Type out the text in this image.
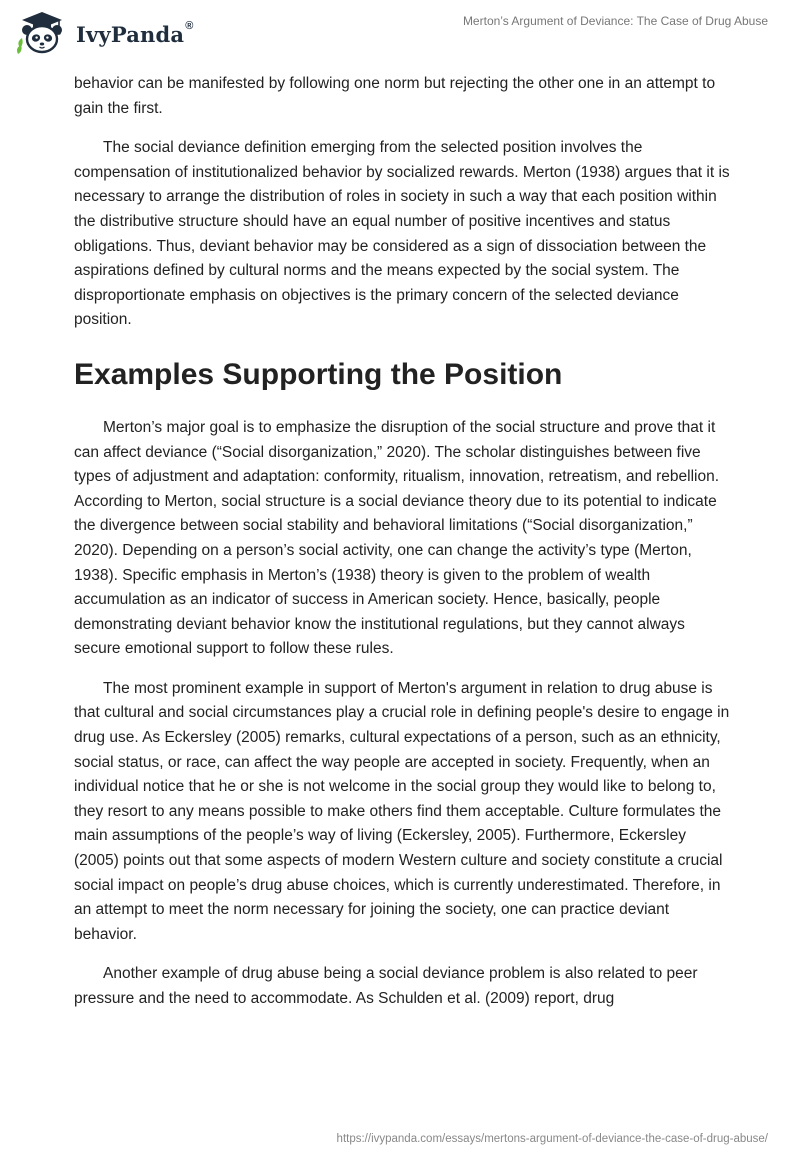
IvyPanda®	Merton’s Argument of Deviance: The Case of Drug Abuse

behavior can be manifested by following one norm but rejecting the other one in an attempt to gain the first.

The social deviance definition emerging from the selected position involves the compensation of institutionalized behavior by socialized rewards. Merton (1938) argues that it is necessary to arrange the distribution of roles in society in such a way that each position within the distributive structure should have an equal number of positive incentives and status obligations. Thus, deviant behavior may be considered as a sign of dissociation between the aspirations defined by cultural norms and the means expected by the social system. The disproportionate emphasis on objectives is the primary concern of the selected deviance position.

Examples Supporting the Position

Merton’s major goal is to emphasize the disruption of the social structure and prove that it can affect deviance (“Social disorganization,” 2020). The scholar distinguishes between five types of adjustment and adaptation: conformity, ritualism, innovation, retreatism, and rebellion. According to Merton, social structure is a social deviance theory due to its potential to indicate the divergence between social stability and behavioral limitations (“Social disorganization,” 2020). Depending on a person’s social activity, one can change the activity’s type (Merton, 1938). Specific emphasis in Merton’s (1938) theory is given to the problem of wealth accumulation as an indicator of success in American society. Hence, basically, people demonstrating deviant behavior know the institutional regulations, but they cannot always secure emotional support to follow these rules.

The most prominent example in support of Merton's argument in relation to drug abuse is that cultural and social circumstances play a crucial role in defining people's desire to engage in drug use. As Eckersley (2005) remarks, cultural expectations of a person, such as an ethnicity, social status, or race, can affect the way people are accepted in society. Frequently, when an individual notice that he or she is not welcome in the social group they would like to belong to, they resort to any means possible to make others find them acceptable. Culture formulates the main assumptions of the people’s way of living (Eckersley, 2005). Furthermore, Eckersley (2005) points out that some aspects of modern Western culture and society constitute a crucial social impact on people’s drug abuse choices, which is currently underestimated. Therefore, in an attempt to meet the norm necessary for joining the society, one can practice deviant behavior.

Another example of drug abuse being a social deviance problem is also related to peer pressure and the need to accommodate. As Schulden et al. (2009) report, drug

https://ivypanda.com/essays/mertons-argument-of-deviance-the-case-of-drug-abuse/
